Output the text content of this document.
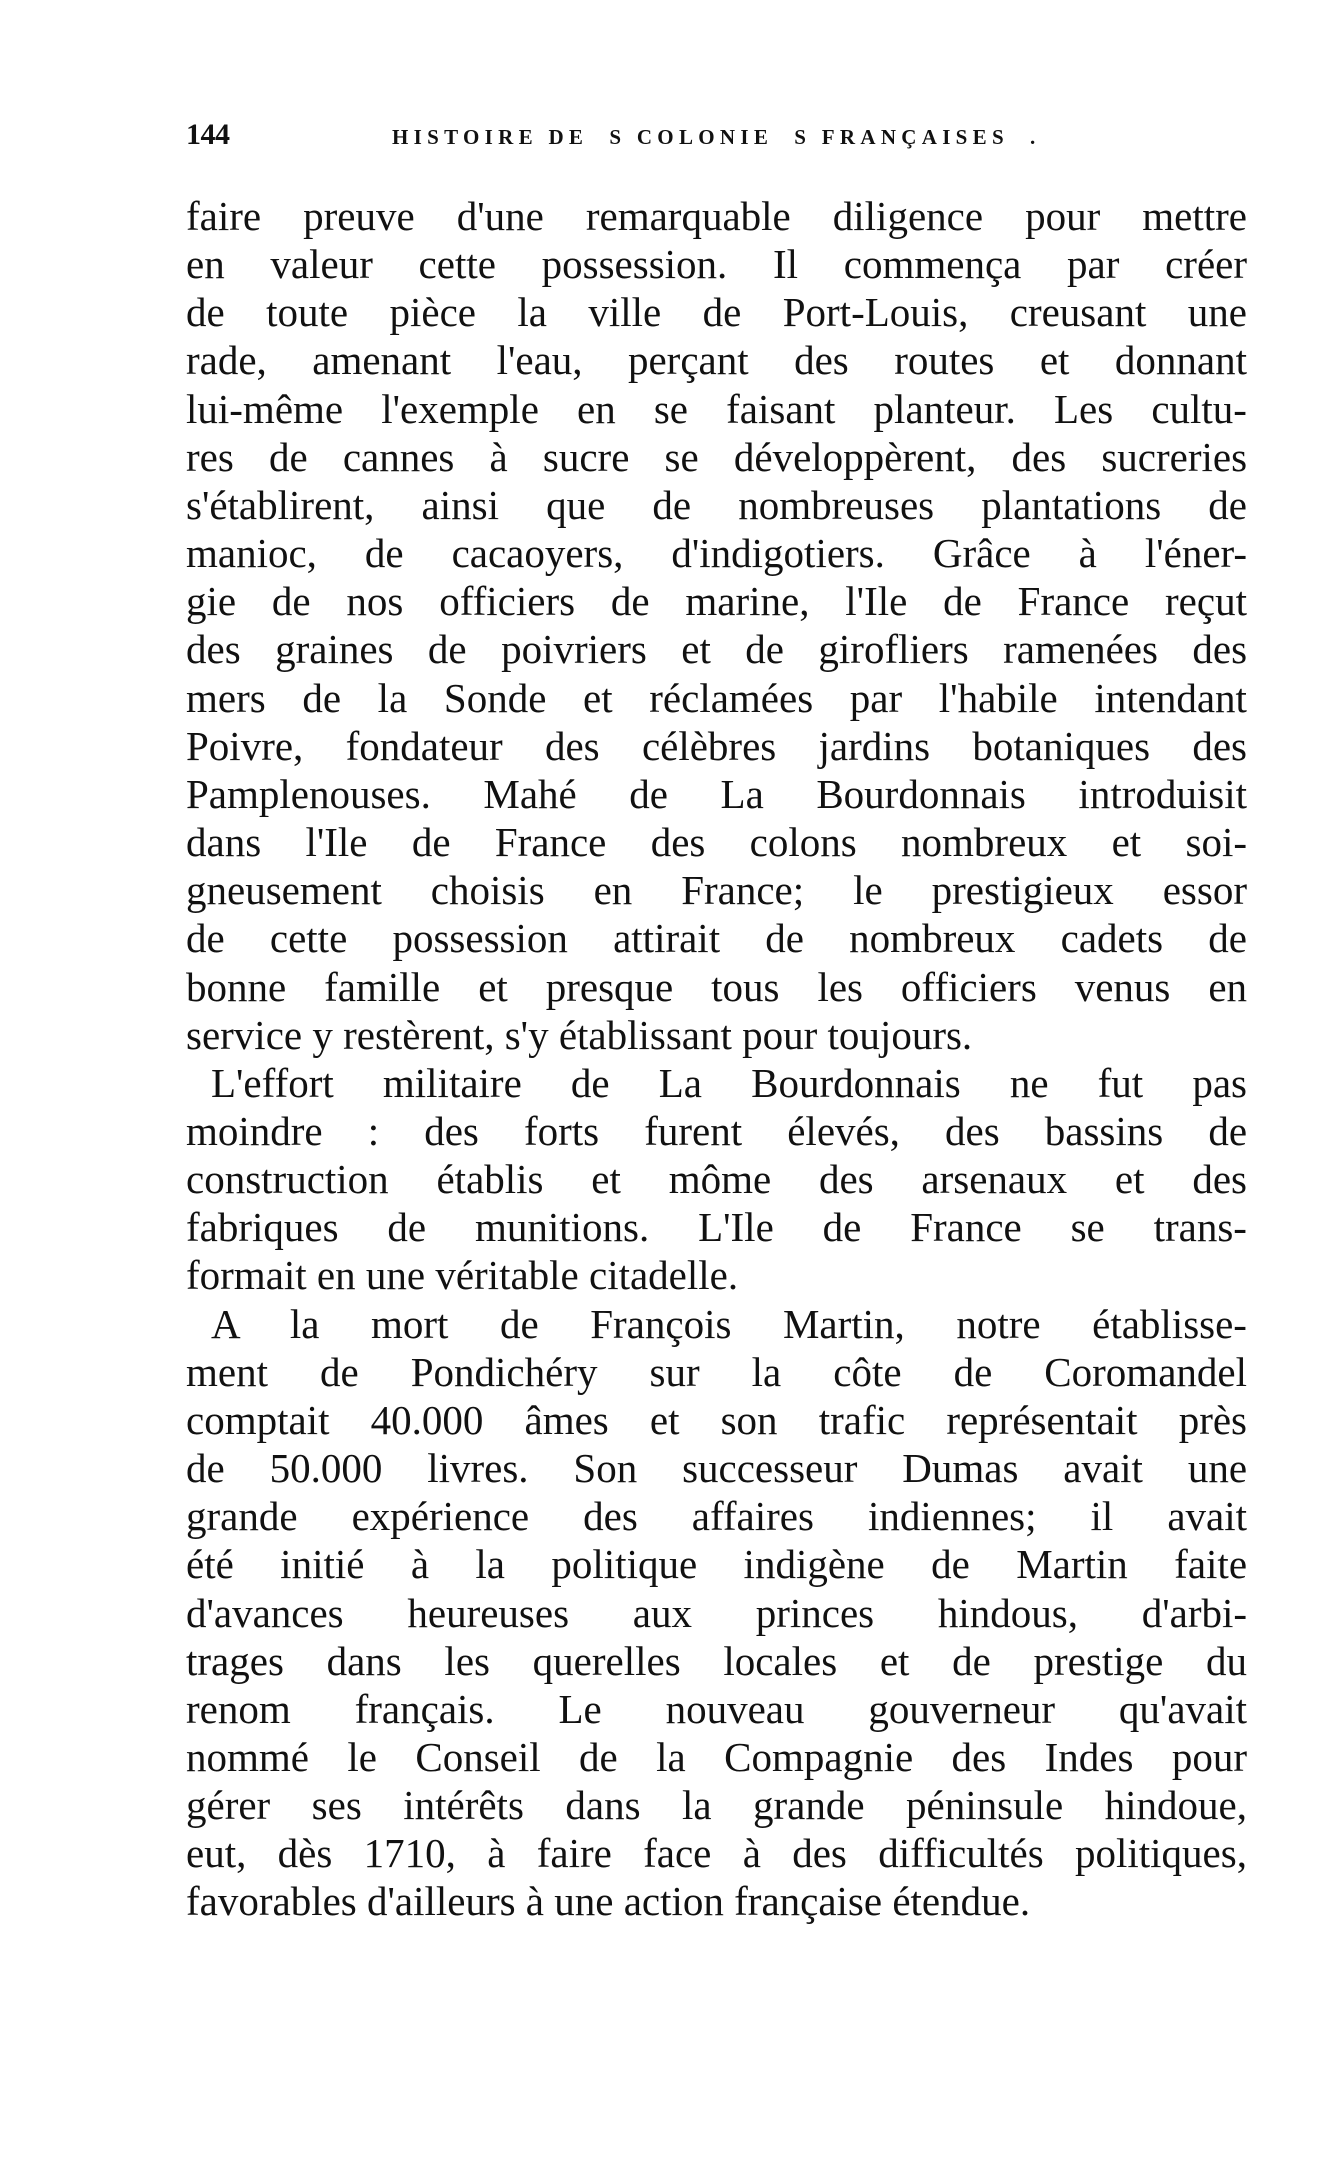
144	HISTOIRE DE  S COLONIE  S FRANÇAISES  .
faire preuve d'une remarquable diligence pour mettre
en valeur cette possession. Il commença par créer
de toute pièce la ville de Port-Louis, creusant une
rade, amenant l'eau, perçant des routes et donnant
lui-même l'exemple en se faisant planteur. Les cultu-
res de cannes à sucre se développèrent, des sucreries
s'établirent, ainsi que de nombreuses plantations de
manioc, de cacaoyers, d'indigotiers. Grâce à l'éner-
gie de nos officiers de marine, l'Ile de France reçut
des graines de poivriers et de girofliers ramenées des
mers de la Sonde et réclamées par l'habile intendant
Poivre, fondateur des célèbres jardins botaniques des
Pamplenouses. Mahé de La Bourdonnais introduisit
dans l'Ile de France des colons nombreux et soi-
gneusement choisis en France; le prestigieux essor
de cette possession attirait de nombreux cadets de
bonne famille et presque tous les officiers venus en
service y restèrent, s'y établissant pour toujours.
L'effort militaire de La Bourdonnais ne fut pas
moindre : des forts furent élevés, des bassins de
construction établis et môme des arsenaux et des
fabriques de munitions. L'Ile de France se trans-
formait en une véritable citadelle.
A la mort de François Martin, notre établisse-
ment de Pondichéry sur la côte de Coromandel
comptait 40.000 âmes et son trafic représentait près
de 50.000 livres. Son successeur Dumas avait une
grande expérience des affaires indiennes; il avait
été initié à la politique indigène de Martin faite
d'avances heureuses aux princes hindous, d'arbi-
trages dans les querelles locales et de prestige du
renom français. Le nouveau gouverneur qu'avait
nommé le Conseil de la Compagnie des Indes pour
gérer ses intérêts dans la grande péninsule hindoue,
eut, dès 1710, à faire face à des difficultés politiques,
favorables d'ailleurs à une action française étendue.
